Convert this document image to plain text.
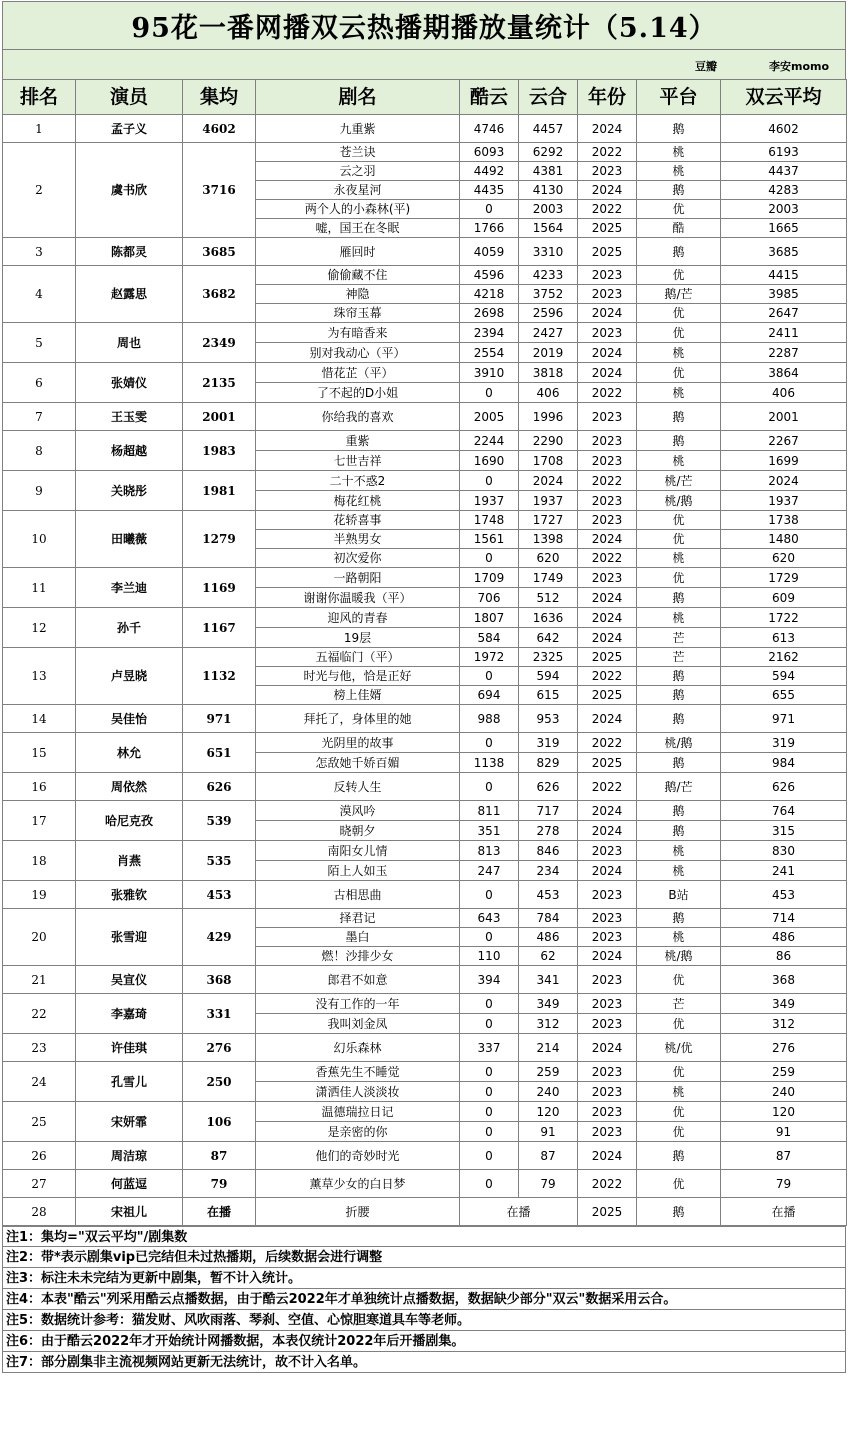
95花一番网播双云热播期播放量统计（5.14）
豆瓣	李安momo
排名	演员	集均	剧名	酷云	云合	年份	平台	双云平均
1	孟子义	4602	九重紫	4746	4457	2024	鹅	4602
2	虞书欣	3716	苍兰诀	6093	6292	2022	桃	6193
			云之羽	4492	4381	2023	桃	4437
			永夜星河	4435	4130	2024	鹅	4283
			两个人的小森林(平)	0	2003	2022	优	2003
			嘘，国王在冬眠	1766	1564	2025	酷	1665
3	陈都灵	3685	雁回时	4059	3310	2025	鹅	3685
4	赵露思	3682	偷偷藏不住	4596	4233	2023	优	4415
			神隐	4218	3752	2023	鹅/芒	3985
			珠帘玉幕	2698	2596	2024	优	2647
5	周也	2349	为有暗香来	2394	2427	2023	优	2411
			别对我动心（平）	2554	2019	2024	桃	2287
6	张婧仪	2135	惜花芷（平）	3910	3818	2024	优	3864
			了不起的D小姐	0	406	2022	桃	406
7	王玉雯	2001	你给我的喜欢	2005	1996	2023	鹅	2001
8	杨超越	1983	重紫	2244	2290	2023	鹅	2267
			七世吉祥	1690	1708	2023	桃	1699
9	关晓彤	1981	二十不惑2	0	2024	2022	桃/芒	2024
			梅花红桃	1937	1937	2023	桃/鹅	1937
10	田曦薇	1279	花轿喜事	1748	1727	2023	优	1738
			半熟男女	1561	1398	2024	优	1480
			初次爱你	0	620	2022	桃	620
11	李兰迪	1169	一路朝阳	1709	1749	2023	优	1729
			谢谢你温暖我（平）	706	512	2024	鹅	609
12	孙千	1167	迎风的青春	1807	1636	2024	桃	1722
			19层	584	642	2024	芒	613
13	卢昱晓	1132	五福临门（平）	1972	2325	2025	芒	2162
			时光与他，恰是正好	0	594	2022	鹅	594
			榜上佳婿	694	615	2025	鹅	655
14	吴佳怡	971	拜托了，身体里的她	988	953	2024	鹅	971
15	林允	651	光阴里的故事	0	319	2022	桃/鹅	319
			怎敌她千娇百媚	1138	829	2025	鹅	984
16	周依然	626	反转人生	0	626	2022	鹅/芒	626
17	哈尼克孜	539	漠风吟	811	717	2024	鹅	764
			晓朝夕	351	278	2024	鹅	315
18	肖燕	535	南阳女儿情	813	846	2023	桃	830
			陌上人如玉	247	234	2024	桃	241
19	张雅钦	453	古相思曲	0	453	2023	B站	453
20	张雪迎	429	择君记	643	784	2023	鹅	714
			墨白	0	486	2023	桃	486
			燃！沙排少女	110	62	2024	桃/鹅	86
21	吴宣仪	368	郎君不如意	394	341	2023	优	368
22	李嘉琦	331	没有工作的一年	0	349	2023	芒	349
			我叫刘金凤	0	312	2023	优	312
23	许佳琪	276	幻乐森林	337	214	2024	桃/优	276
24	孔雪儿	250	香蕉先生不睡觉	0	259	2023	优	259
			潇洒佳人淡淡妆	0	240	2023	桃	240
25	宋妍霏	106	温德瑞拉日记	0	120	2023	优	120
			是亲密的你	0	91	2023	优	91
26	周洁琼	87	他们的奇妙时光	0	87	2024	鹅	87
27	何蓝逗	79	薰草少女的白日梦	0	79	2022	优	79
28	宋祖儿	在播	折腰	在播		2025	鹅	在播
注1：集均="双云平均"/剧集数
注2：带*表示剧集vip已完结但未过热播期，后续数据会进行调整
注3：标注未未完结为更新中剧集，暂不计入统计。
注4：本表"酷云"列采用酷云点播数据，由于酷云2022年才单独统计点播数据，数据缺少部分"双云"数据采用云合。
注5：数据统计参考：猫发财、风吹雨落、琴刹、空值、心惊胆寒道具车等老师。
注6：由于酷云2022年才开始统计网播数据，本表仅统计2022年后开播剧集。
注7：部分剧集非主流视频网站更新无法统计，故不计入名单。
